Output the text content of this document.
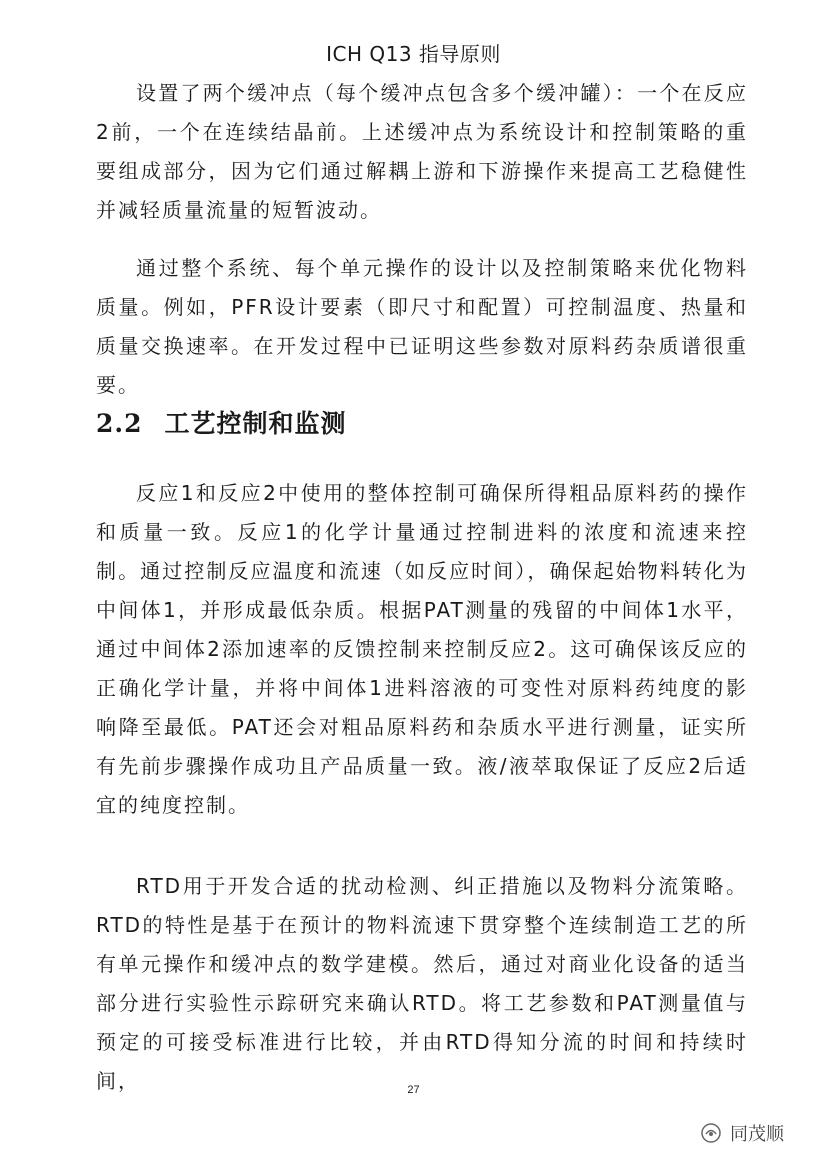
ICH Q13 指导原则

设置了两个缓冲点（每个缓冲点包含多个缓冲罐）：一个在反应2前，一个在连续结晶前。上述缓冲点为系统设计和控制策略的重要组成部分，因为它们通过解耦上游和下游操作来提高工艺稳健性并减轻质量流量的短暂波动。

通过整个系统、每个单元操作的设计以及控制策略来优化物料质量。例如，PFR设计要素（即尺寸和配置）可控制温度、热量和质量交换速率。在开发过程中已证明这些参数对原料药杂质谱很重要。

2.2 工艺控制和监测

反应1和反应2中使用的整体控制可确保所得粗品原料药的操作和质量一致。反应1的化学计量通过控制进料的浓度和流速来控制。通过控制反应温度和流速（如反应时间），确保起始物料转化为中间体1，并形成最低杂质。根据PAT测量的残留的中间体1水平，通过中间体2添加速率的反馈控制来控制反应2。这可确保该反应的正确化学计量，并将中间体1进料溶液的可变性对原料药纯度的影响降至最低。PAT还会对粗品原料药和杂质水平进行测量，证实所有先前步骤操作成功且产品质量一致。液/液萃取保证了反应2后适宜的纯度控制。

RTD用于开发合适的扰动检测、纠正措施以及物料分流策略。RTD的特性是基于在预计的物料流速下贯穿整个连续制造工艺的所有单元操作和缓冲点的数学建模。然后，通过对商业化设备的适当部分进行实验性示踪研究来确认RTD。将工艺参数和PAT测量值与预定的可接受标准进行比较，并由RTD得知分流的时间和持续时间，	27
同茂顺
